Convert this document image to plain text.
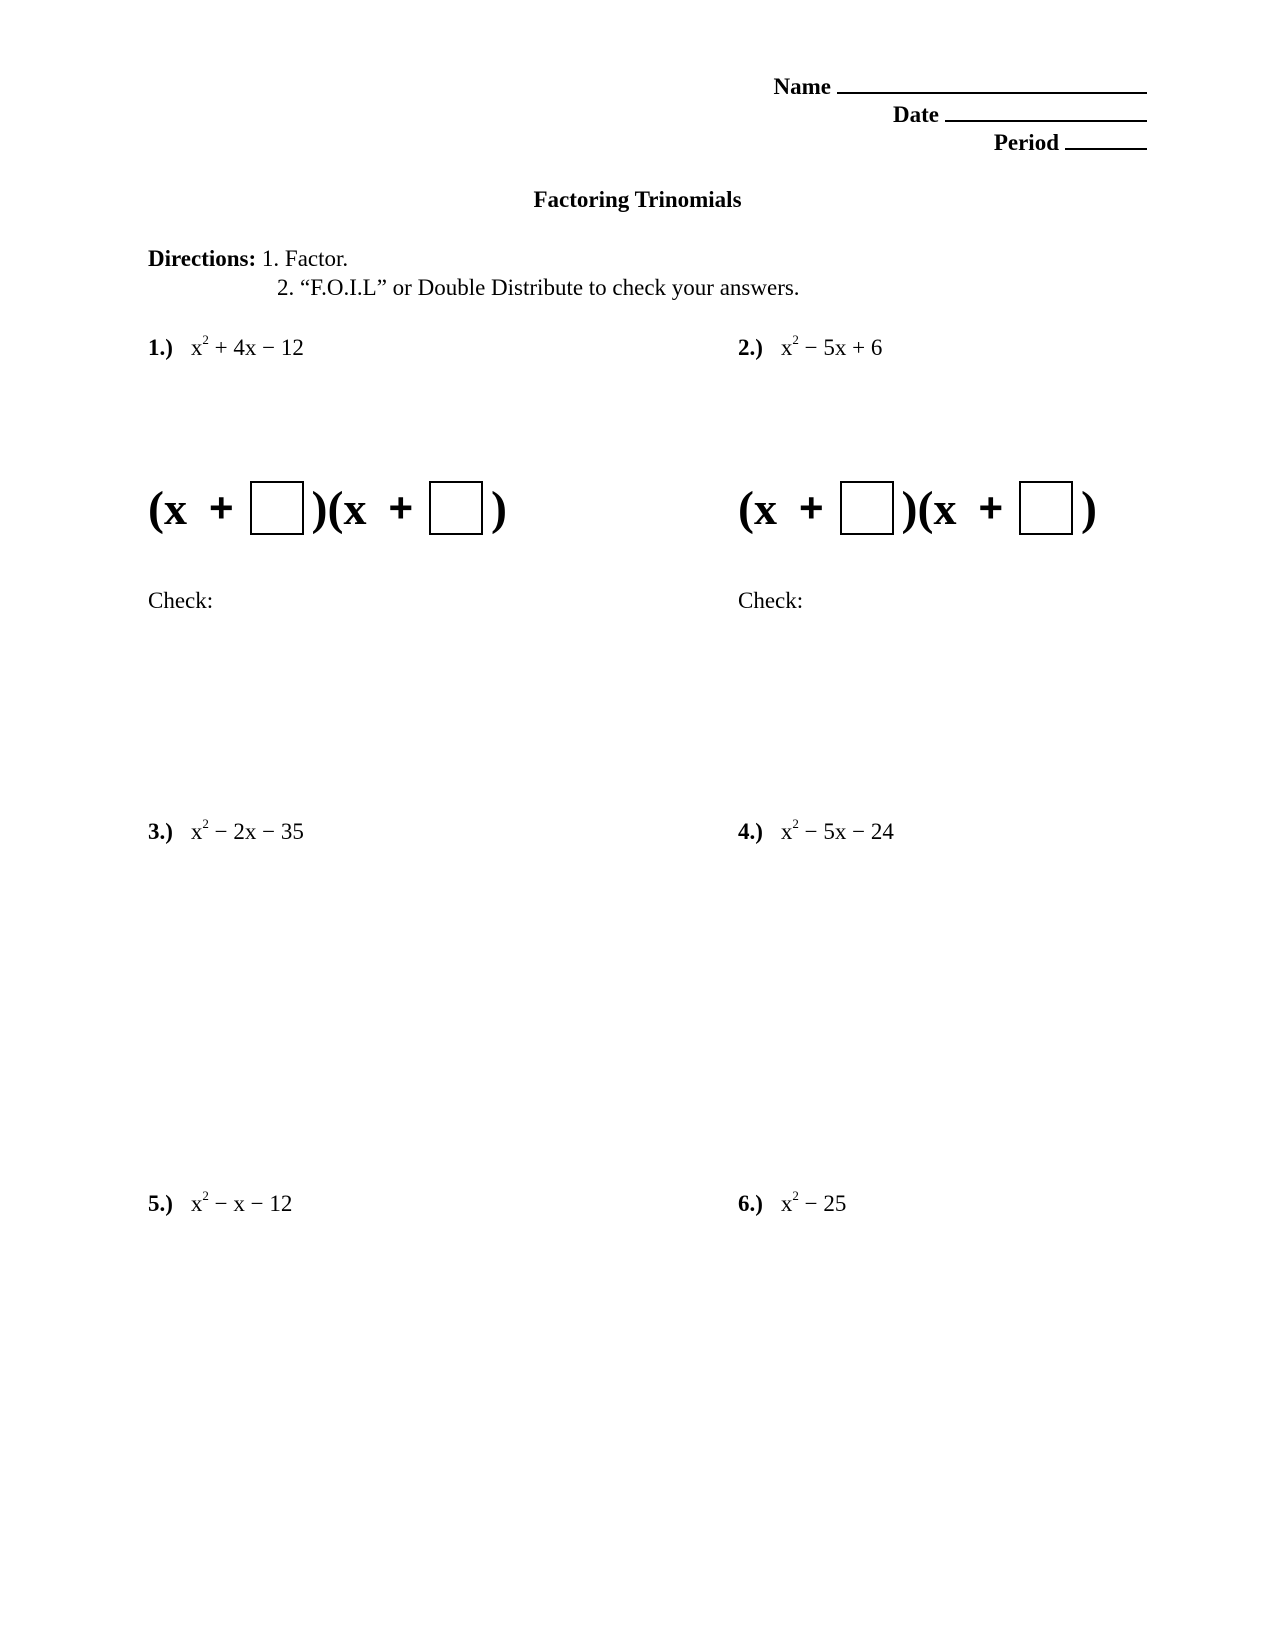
Name
Date
Period
Factoring Trinomials
Directions: 1. Factor.
2. “F.O.I.L” or Double Distribute to check your answers.
1.) $x^2 + 4x - 12$	2.) $x^2 - 5x + 6$
( x + )( x + )	( x + )( x + )
Check:	Check:
3.) $x^2 - 2x - 35$	4.) $x^2 - 5x - 24$
5.) $x^2 - x - 12$	6.) $x^2 - 25$
